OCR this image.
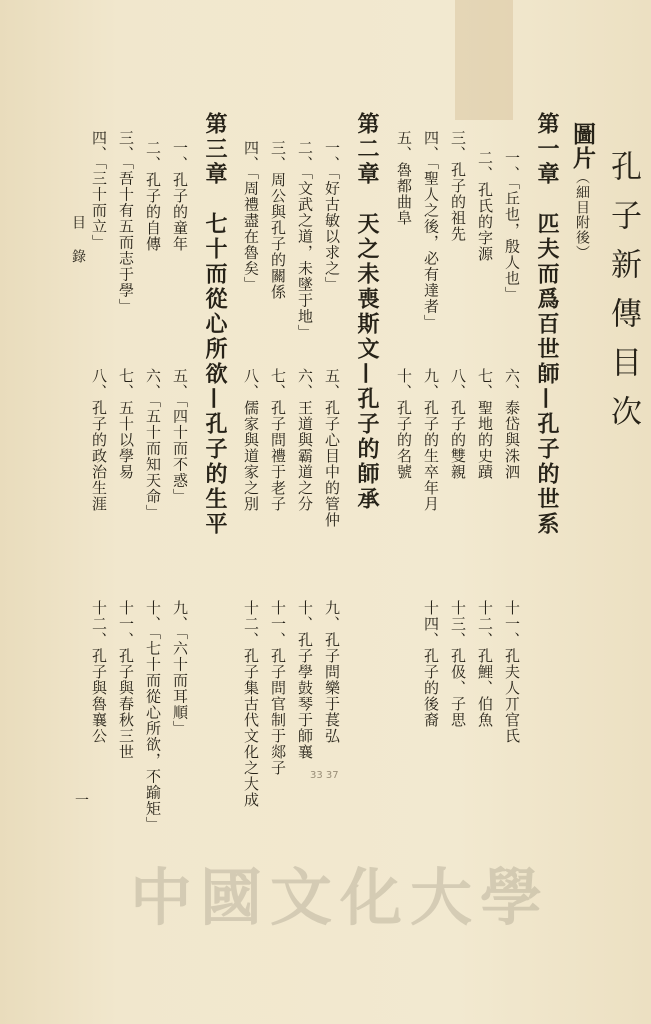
孔子新傳目次
圖片（細目附後）
第一章　匹夫而爲百世師—孔子的世系
一、「丘也，殷人也」
六、泰岱與洙泗
十一、孔夫人丌官氏
二、孔氏的字源
七、聖地的史蹟
十二、孔鯉、伯魚
三、孔子的祖先
八、孔子的雙親
十三、孔伋、子思
四、「聖人之後，必有達者」
九、孔子的生卒年月
十四、孔子的後裔
五、魯都曲阜
十、孔子的名號
第二章　天之未喪斯文—孔子的師承
一、「好古敏以求之」
五、孔子心目中的管仲
九、孔子問樂于萇弘
二、「文武之道，未墜于地」
六、王道與霸道之分
十、孔子學鼓琴于師襄
三、周公與孔子的關係
七、孔子問禮于老子
十一、孔子問官制于郯子
四、「周禮盡在魯矣」
八、儒家與道家之別
十二、孔子集古代文化之大成
第三章　七十而從心所欲—孔子的生平
一、孔子的童年
五、「四十而不惑」
九、「六十而耳順」
二、孔子的自傳
六、「五十而知天命」
十、「七十而從心所欲，不踰矩」
三、「吾十有五而志于學」
七、五十以學易
十一、孔子與春秋三世
四、「三十而立」
八、孔子的政治生涯
十二、孔子與魯襄公
目錄
一
33 37
中國文化大學
